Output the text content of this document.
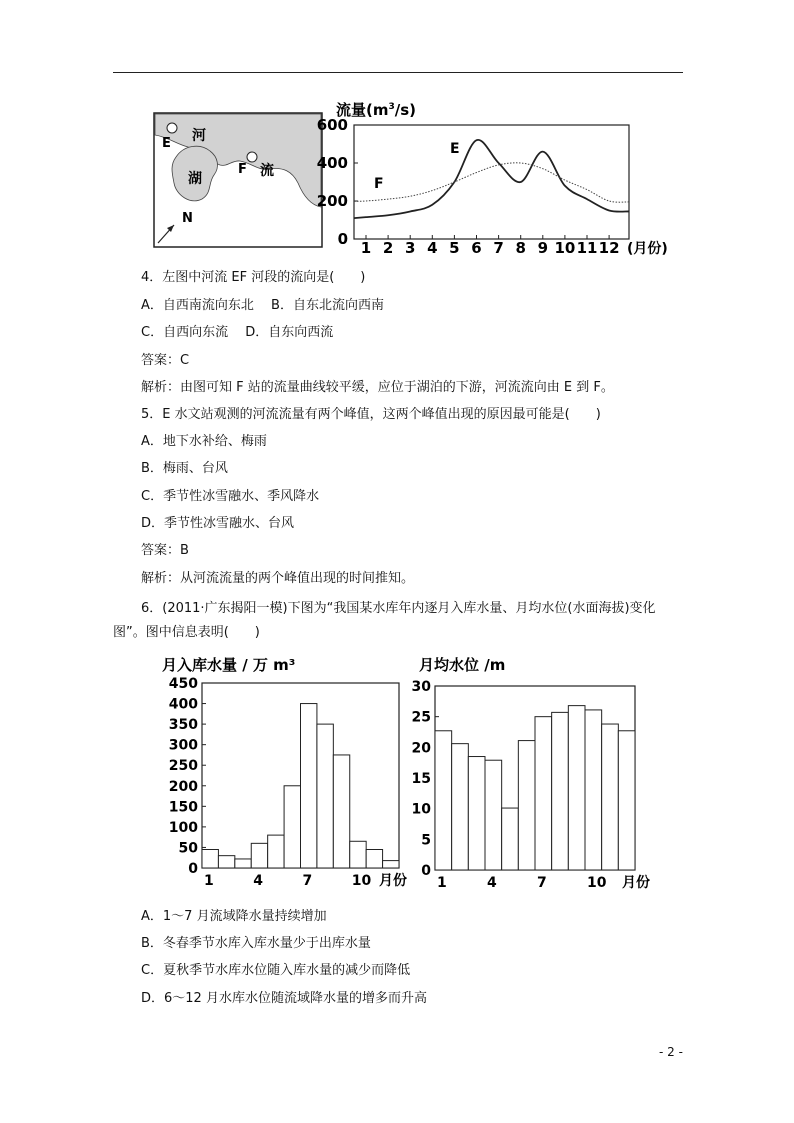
E 河
湖
F 流
N
流量$(m^3/s)$
0
200
400
600
1 2 3 4 5 6 7 8 9 10 11 12
E
F
(月份)
4．左图中河流 EF 河段的流向是(　　)
A．自西南流向东北　 B．自东北流向西南
C．自西向东流　 D．自东向西流
答案：C
解析：由图可知 F 站的流量曲线较平缓，应位于湖泊的下游，河流流向由 E 到 F。
5．E 水文站观测的河流流量有两个峰值，这两个峰值出现的原因最可能是(　　)
A．地下水补给、梅雨
B．梅雨、台风
C．季节性冰雪融水、季风降水
D．季节性冰雪融水、台风
答案：B
解析：从河流流量的两个峰值出现的时间推知。
6．(2011·广东揭阳一模)下图为“我国某水库年内逐月入库水量、月均水位(水面海拔)变化图”。图中信息表明(　　)
月入库水量 / 万 m³
0
50
100
150
200
250
300
350
400
450
1	4	7	10 月份
月均水位 /m
0
5
10
15
20
25
30
1	4	7	10 月份
A．1～7 月流域降水量持续增加
B．冬春季节水库入库水量少于出库水量
C．夏秋季节水库水位随入库水量的减少而降低
D．6～12 月水库水位随流域降水量的增多而升高
- 2 -
